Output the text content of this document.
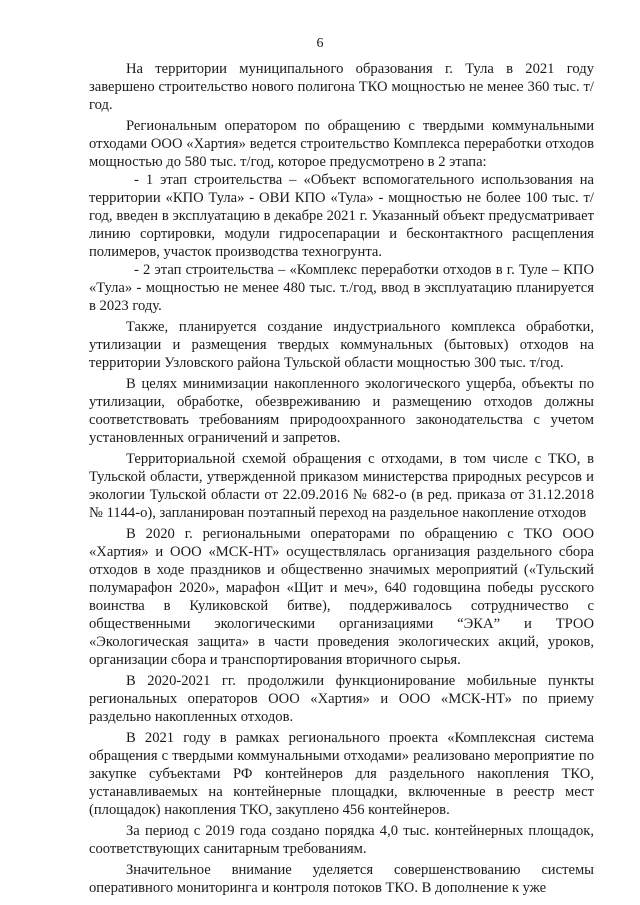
6

На территории муниципального образования г. Тула в 2021 году завершено строительство нового полигона ТКО мощностью не менее 360 тыс. т/год.

Региональным оператором по обращению с твердыми коммунальными отходами ООО «Хартия» ведется строительство Комплекса переработки отходов мощностью до 580 тыс. т/год, которое предусмотрено в 2 этапа:

- 1 этап строительства – «Объект вспомогательного использования на территории «КПО Тула» - ОВИ КПО «Тула» - мощностью не более 100 тыс. т/год, введен в эксплуатацию в декабре 2021 г. Указанный объект предусматривает линию сортировки, модули гидросепарации и бесконтактного расщепления полимеров, участок производства техногрунта.

- 2 этап строительства – «Комплекс переработки отходов в г. Туле – КПО «Тула» - мощностью не менее 480 тыс. т./год, ввод в эксплуатацию планируется в 2023 году.

Также, планируется создание индустриального комплекса обработки, утилизации и размещения твердых коммунальных (бытовых) отходов на территории Узловского района Тульской области мощностью 300 тыс. т/год.

В целях минимизации накопленного экологического ущерба, объекты по утилизации, обработке, обезвреживанию и размещению отходов должны соответствовать требованиям природоохранного законодательства с учетом установленных ограничений и запретов.

Территориальной схемой обращения с отходами, в том числе с ТКО, в Тульской области, утвержденной приказом министерства природных ресурсов и экологии Тульской области от 22.09.2016 № 682-о (в ред. приказа от 31.12.2018 № 1144-о), запланирован поэтапный переход на раздельное накопление отходов

В 2020 г. региональными операторами по обращению с ТКО ООО «Хартия» и ООО «МСК-НТ» осуществлялась организация раздельного сбора отходов в ходе праздников и общественно значимых мероприятий («Тульский полумарафон 2020», марафон «Щит и меч», 640 годовщина победы русского воинства в Куликовской битве), поддерживалось сотрудничество с общественными экологическими организациями “ЭКА” и ТРОО «Экологическая защита» в части проведения экологических акций, уроков, организации сбора и транспортирования вторичного сырья.

В 2020-2021 гг. продолжили функционирование мобильные пункты региональных операторов ООО «Хартия» и ООО «МСК-НТ» по приему раздельно накопленных отходов.

В 2021 году в рамках регионального проекта «Комплексная система обращения с твердыми коммунальными отходами» реализовано мероприятие по закупке субъектами РФ контейнеров для раздельного накопления ТКО, устанавливаемых на контейнерные площадки, включенные в реестр мест (площадок) накопления ТКО, закуплено 456 контейнеров.

За период с 2019 года создано порядка 4,0 тыс. контейнерных площадок, соответствующих санитарным требованиям.

Значительное внимание уделяется совершенствованию системы оперативного мониторинга и контроля потоков ТКО. В дополнение к уже
